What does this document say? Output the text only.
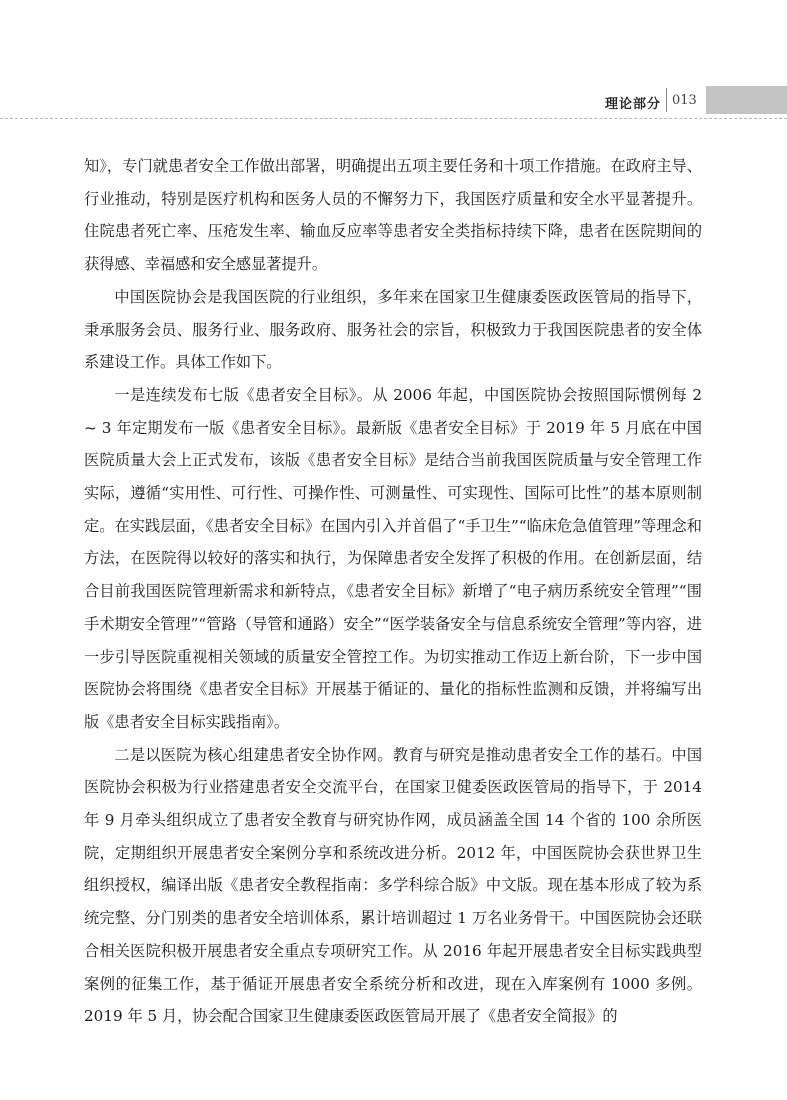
理论部分 013

知》，专门就患者安全工作做出部署，明确提出五项主要任务和十项工作措施。在政府主导、行业推动，特别是医疗机构和医务人员的不懈努力下，我国医疗质量和安全水平显著提升。住院患者死亡率、压疮发生率、输血反应率等患者安全类指标持续下降，患者在医院期间的获得感、幸福感和安全感显著提升。

中国医院协会是我国医院的行业组织，多年来在国家卫生健康委医政医管局的指导下，秉承服务会员、服务行业、服务政府、服务社会的宗旨，积极致力于我国医院患者的安全体系建设工作。具体工作如下。

一是连续发布七版《患者安全目标》。从 2006 年起，中国医院协会按照国际惯例每 2 ~ 3 年定期发布一版《患者安全目标》。最新版《患者安全目标》于 2019 年 5 月底在中国医院质量大会上正式发布，该版《患者安全目标》是结合当前我国医院质量与安全管理工作实际，遵循“实用性、可行性、可操作性、可测量性、可实现性、国际可比性”的基本原则制定。在实践层面，《患者安全目标》在国内引入并首倡了“手卫生”“临床危急值管理”等理念和方法，在医院得以较好的落实和执行，为保障患者安全发挥了积极的作用。在创新层面，结合目前我国医院管理新需求和新特点，《患者安全目标》新增了“电子病历系统安全管理”“围手术期安全管理”“管路（导管和通路）安全”“医学装备安全与信息系统安全管理”等内容，进一步引导医院重视相关领域的质量安全管控工作。为切实推动工作迈上新台阶，下一步中国医院协会将围绕《患者安全目标》开展基于循证的、量化的指标性监测和反馈，并将编写出版《患者安全目标实践指南》。

二是以医院为核心组建患者安全协作网。教育与研究是推动患者安全工作的基石。中国医院协会积极为行业搭建患者安全交流平台，在国家卫健委医政医管局的指导下，于 2014 年 9 月牵头组织成立了患者安全教育与研究协作网，成员涵盖全国 14 个省的 100 余所医院，定期组织开展患者安全案例分享和系统改进分析。2012 年，中国医院协会获世界卫生组织授权，编译出版《患者安全教程指南：多学科综合版》中文版。现在基本形成了较为系统完整、分门别类的患者安全培训体系，累计培训超过 1 万名业务骨干。中国医院协会还联合相关医院积极开展患者安全重点专项研究工作。从 2016 年起开展患者安全目标实践典型案例的征集工作，基于循证开展患者安全系统分析和改进，现在入库案例有 1000 多例。2019 年 5 月，协会配合国家卫生健康委医政医管局开展了《患者安全简报》的
